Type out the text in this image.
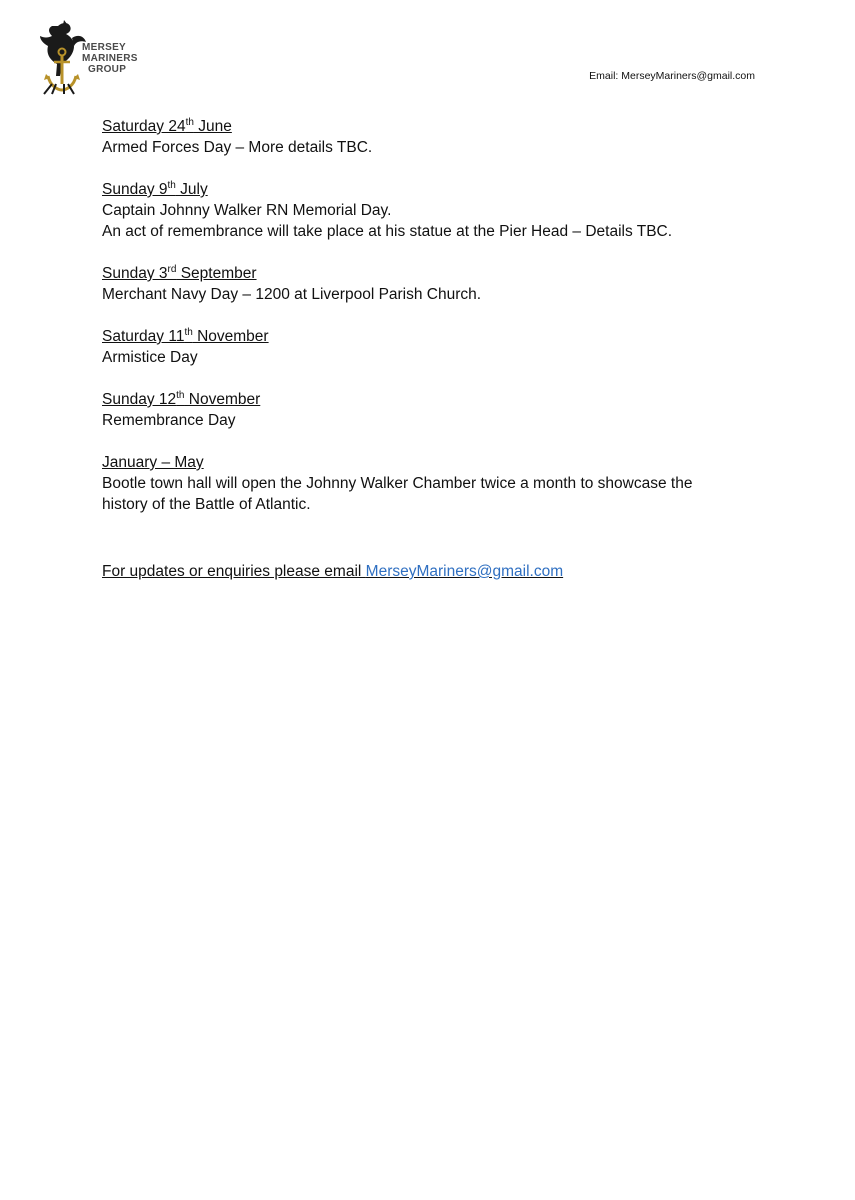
MERSEY
MARINERS
GROUP
Email: MerseyMariners@gmail.com
Saturday 24th June
Armed Forces Day – More details TBC.
Sunday 9th July
Captain Johnny Walker RN Memorial Day.
An act of remembrance will take place at his statue at the Pier Head – Details TBC.
Sunday 3rd September
Merchant Navy Day – 1200 at Liverpool Parish Church.
Saturday 11th November
Armistice Day
Sunday 12th November
Remembrance Day
January – May
Bootle town hall will open the Johnny Walker Chamber twice a month to showcase the
history of the Battle of Atlantic.
For updates or enquiries please email MerseyMariners@gmail.com
